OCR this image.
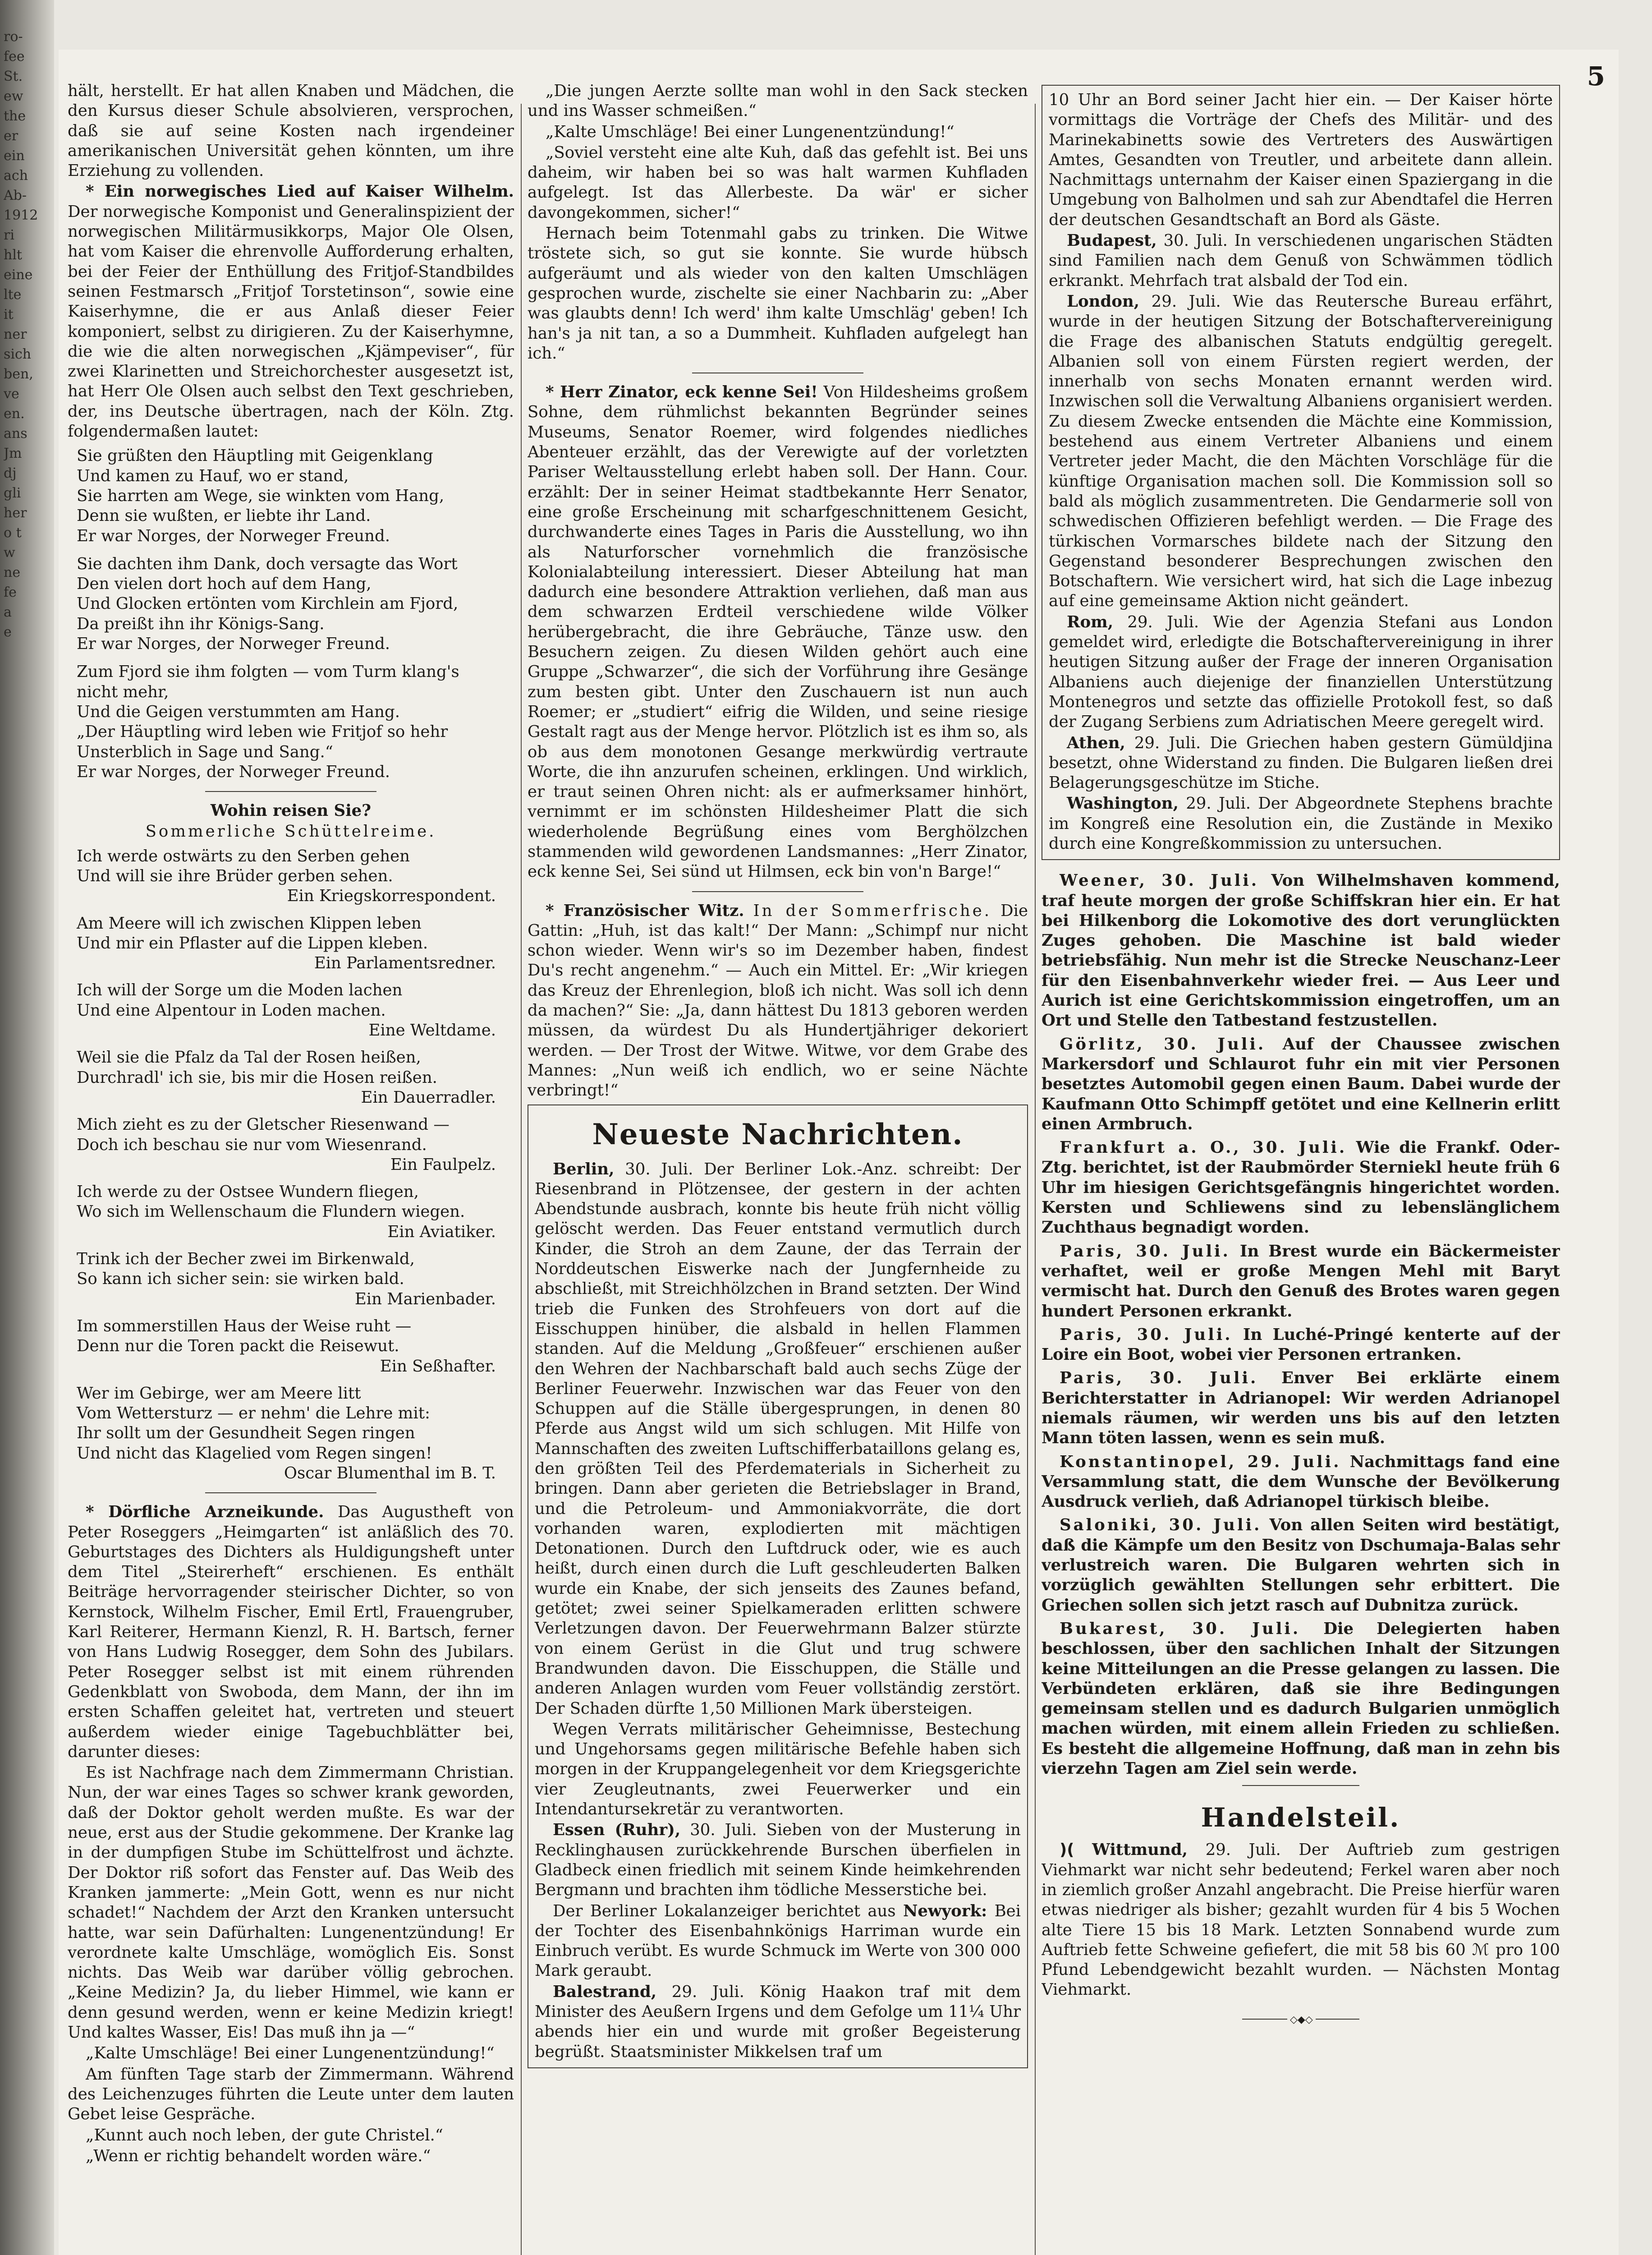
ro-
fee
St.
ew
the
er
ein
ach
Ab-
1912
ri
hlt
eine
lte
it
ner
sich
ben,
ve
en.
ans
Jm
dj
gli
her
o t
w
ne
fe
a
e
5

hält, herstellt. Er hat allen Knaben und Mädchen, die den Kursus dieser Schule absolvieren, versprochen, daß sie auf seine Kosten nach irgendeiner amerikanischen Universität gehen könnten, um ihre Erziehung zu vollenden.

* Ein norwegisches Lied auf Kaiser Wilhelm. Der norwegische Komponist und Generalinspizient der norwegischen Militärmusikkorps, Major Ole Olsen, hat vom Kaiser die ehrenvolle Aufforderung erhalten, bei der Feier der Enthüllung des Fritjof-Standbildes seinen Festmarsch „Fritjof Torstetinson“, sowie eine Kaiserhymne, die er aus Anlaß dieser Feier komponiert, selbst zu dirigieren. Zu der Kaiserhymne, die wie die alten norwegischen „Kjämpeviser“, für zwei Klarinetten und Streichorchester ausgesetzt ist, hat Herr Ole Olsen auch selbst den Text geschrieben, der, ins Deutsche übertragen, nach der Köln. Ztg. folgendermaßen lautet:

Sie grüßten den Häuptling mit Geigenklang
Und kamen zu Hauf, wo er stand,
Sie harrten am Wege, sie winkten vom Hang,
Denn sie wußten, er liebte ihr Land.
Er war Norges, der Norweger Freund.
Sie dachten ihm Dank, doch versagte das Wort
Den vielen dort hoch auf dem Hang,
Und Glocken ertönten vom Kirchlein am Fjord,
Da preißt ihn ihr Königs-Sang.
Er war Norges, der Norweger Freund.
Zum Fjord sie ihm folgten — vom Turm klang's
nicht mehr,
Und die Geigen verstummten am Hang.
„Der Häuptling wird leben wie Fritjof so hehr
Unsterblich in Sage und Sang.“
Er war Norges, der Norweger Freund.

Wohin reisen Sie?

Sommerliche Schüttelreime.

Ich werde ostwärts zu den Serben gehen
Und will sie ihre Brüder gerben sehen.
Ein Kriegskorrespondent.
Am Meere will ich zwischen Klippen leben
Und mir ein Pflaster auf die Lippen kleben.
Ein Parlamentsredner.
Ich will der Sorge um die Moden lachen
Und eine Alpentour in Loden machen.
Eine Weltdame.
Weil sie die Pfalz da Tal der Rosen heißen,
Durchradl' ich sie, bis mir die Hosen reißen.
Ein Dauerradler.
Mich zieht es zu der Gletscher Riesenwand —
Doch ich beschau sie nur vom Wiesenrand.
Ein Faulpelz.
Ich werde zu der Ostsee Wundern fliegen,
Wo sich im Wellenschaum die Flundern wiegen.
Ein Aviatiker.
Trink ich der Becher zwei im Birkenwald,
So kann ich sicher sein: sie wirken bald.
Ein Marienbader.
Im sommerstillen Haus der Weise ruht —
Denn nur die Toren packt die Reisewut.
Ein Seßhafter.
Wer im Gebirge, wer am Meere litt
Vom Wettersturz — er nehm' die Lehre mit:
Ihr sollt um der Gesundheit Segen ringen
Und nicht das Klagelied vom Regen singen!
Oscar Blumenthal im B. T.

* Dörfliche Arzneikunde. Das Augustheft von Peter Roseggers „Heimgarten“ ist anläßlich des 70. Geburtstages des Dichters als Huldigungsheft unter dem Titel „Steirerheft“ erschienen. Es enthält Beiträge hervorragender steirischer Dichter, so von Kernstock, Wilhelm Fischer, Emil Ertl, Frauengruber, Karl Reiterer, Hermann Kienzl, R. H. Bartsch, ferner von Hans Ludwig Rosegger, dem Sohn des Jubilars. Peter Rosegger selbst ist mit einem rührenden Gedenkblatt von Swoboda, dem Mann, der ihn im ersten Schaffen geleitet hat, vertreten und steuert außerdem wieder einige Tagebuchblätter bei, darunter dieses:

Es ist Nachfrage nach dem Zimmermann Christian. Nun, der war eines Tages so schwer krank geworden, daß der Doktor geholt werden mußte. Es war der neue, erst aus der Studie gekommene. Der Kranke lag in der dumpfigen Stube im Schüttelfrost und ächzte. Der Doktor riß sofort das Fenster auf. Das Weib des Kranken jammerte: „Mein Gott, wenn es nur nicht schadet!“ Nachdem der Arzt den Kranken untersucht hatte, war sein Dafürhalten: Lungenentzündung! Er verordnete kalte Umschläge, womöglich Eis. Sonst nichts. Das Weib war darüber völlig gebrochen. „Keine Medizin? Ja, du lieber Himmel, wie kann er denn gesund werden, wenn er keine Medizin kriegt! Und kaltes Wasser, Eis! Das muß ihn ja —“

„Kalte Umschläge! Bei einer Lungenentzündung!“

Am fünften Tage starb der Zimmermann. Während des Leichenzuges führten die Leute unter dem lauten Gebet leise Gespräche.

„Kunnt auch noch leben, der gute Christel.“

„Wenn er richtig behandelt worden wäre.“

„Die jungen Aerzte sollte man wohl in den Sack stecken und ins Wasser schmeißen.“

„Kalte Umschläge! Bei einer Lungenentzündung!“

„Soviel versteht eine alte Kuh, daß das gefehlt ist. Bei uns daheim, wir haben bei so was halt warmen Kuhfladen aufgelegt. Ist das Allerbeste. Da wär' er sicher davongekommen, sicher!“

Hernach beim Totenmahl gabs zu trinken. Die Witwe tröstete sich, so gut sie konnte. Sie wurde hübsch aufgeräumt und als wieder von den kalten Umschlägen gesprochen wurde, zischelte sie einer Nachbarin zu: „Aber was glaubts denn! Ich werd' ihm kalte Umschläg' geben! Ich han's ja nit tan, a so a Dummheit. Kuhfladen aufgelegt han ich.“

* Herr Zinator, eck kenne Sei! Von Hildesheims großem Sohne, dem rühmlichst bekannten Begründer seines Museums, Senator Roemer, wird folgendes niedliches Abenteuer erzählt, das der Verewigte auf der vorletzten Pariser Weltausstellung erlebt haben soll. Der Hann. Cour. erzählt: Der in seiner Heimat stadtbekannte Herr Senator, eine große Erscheinung mit scharfgeschnittenem Gesicht, durchwanderte eines Tages in Paris die Ausstellung, wo ihn als Naturforscher vornehmlich die französische Kolonialabteilung interessiert. Dieser Abteilung hat man dadurch eine besondere Attraktion verliehen, daß man aus dem schwarzen Erdteil verschiedene wilde Völker herübergebracht, die ihre Gebräuche, Tänze usw. den Besuchern zeigen. Zu diesen Wilden gehört auch eine Gruppe „Schwarzer“, die sich der Vorführung ihre Gesänge zum besten gibt. Unter den Zuschauern ist nun auch Roemer; er „studiert“ eifrig die Wilden, und seine riesige Gestalt ragt aus der Menge hervor. Plötzlich ist es ihm so, als ob aus dem monotonen Gesange merkwürdig vertraute Worte, die ihn anzurufen scheinen, erklingen. Und wirklich, er traut seinen Ohren nicht: als er aufmerksamer hinhört, vernimmt er im schönsten Hildesheimer Platt die sich wiederholende Begrüßung eines vom Berghölzchen stammenden wild gewordenen Landsmannes: „Herr Zinator, eck kenne Sei, Sei sünd ut Hilmsen, eck bin von'n Barge!“

* Französischer Witz. In der Sommerfrische. Die Gattin: „Huh, ist das kalt!“ Der Mann: „Schimpf nur nicht schon wieder. Wenn wir's so im Dezember haben, findest Du's recht angenehm.“ — Auch ein Mittel. Er: „Wir kriegen das Kreuz der Ehrenlegion, bloß ich nicht. Was soll ich denn da machen?“ Sie: „Ja, dann hättest Du 1813 geboren werden müssen, da würdest Du als Hundertjähriger dekoriert werden. — Der Trost der Witwe. Witwe, vor dem Grabe des Mannes: „Nun weiß ich endlich, wo er seine Nächte verbringt!“

Neueste Nachrichten.

Berlin, 30. Juli. Der Berliner Lok.-Anz. schreibt: Der Riesenbrand in Plötzensee, der gestern in der achten Abendstunde ausbrach, konnte bis heute früh nicht völlig gelöscht werden. Das Feuer entstand vermutlich durch Kinder, die Stroh an dem Zaune, der das Terrain der Norddeutschen Eiswerke nach der Jungfernheide zu abschließt, mit Streichhölzchen in Brand setzten. Der Wind trieb die Funken des Strohfeuers von dort auf die Eisschuppen hinüber, die alsbald in hellen Flammen standen. Auf die Meldung „Großfeuer“ erschienen außer den Wehren der Nachbarschaft bald auch sechs Züge der Berliner Feuerwehr. Inzwischen war das Feuer von den Schuppen auf die Ställe übergesprungen, in denen 80 Pferde aus Angst wild um sich schlugen. Mit Hilfe von Mannschaften des zweiten Luftschifferbataillons gelang es, den größten Teil des Pferdematerials in Sicherheit zu bringen. Dann aber gerieten die Betriebslager in Brand, und die Petroleum- und Ammoniakvorräte, die dort vorhanden waren, explodierten mit mächtigen Detonationen. Durch den Luftdruck oder, wie es auch heißt, durch einen durch die Luft geschleuderten Balken wurde ein Knabe, der sich jenseits des Zaunes befand, getötet; zwei seiner Spielkameraden erlitten schwere Verletzungen davon. Der Feuerwehrmann Balzer stürzte von einem Gerüst in die Glut und trug schwere Brandwunden davon. Die Eisschuppen, die Ställe und anderen Anlagen wurden vom Feuer vollständig zerstört. Der Schaden dürfte 1,50 Millionen Mark übersteigen.

Wegen Verrats militärischer Geheimnisse, Bestechung und Ungehorsams gegen militärische Befehle haben sich morgen in der Kruppangelegenheit vor dem Kriegsgerichte vier Zeugleutnants, zwei Feuerwerker und ein Intendantursekretär zu verantworten.

Essen (Ruhr), 30. Juli. Sieben von der Musterung in Recklinghausen zurückkehrende Burschen überfielen in Gladbeck einen friedlich mit seinem Kinde heimkehrenden Bergmann und brachten ihm tödliche Messerstiche bei.

Der Berliner Lokalanzeiger berichtet aus Newyork: Bei der Tochter des Eisenbahnkönigs Harriman wurde ein Einbruch verübt. Es wurde Schmuck im Werte von 300 000 Mark geraubt.

Balestrand, 29. Juli. König Haakon traf mit dem Minister des Aeußern Irgens und dem Gefolge um 11¼ Uhr abends hier ein und wurde mit großer Begeisterung begrüßt. Staatsminister Mikkelsen traf um

10 Uhr an Bord seiner Jacht hier ein. — Der Kaiser hörte vormittags die Vorträge der Chefs des Militär- und des Marinekabinetts sowie des Vertreters des Auswärtigen Amtes, Gesandten von Treutler, und arbeitete dann allein. Nachmittags unternahm der Kaiser einen Spaziergang in die Umgebung von Balholmen und sah zur Abendtafel die Herren der deutschen Gesandtschaft an Bord als Gäste.

Budapest, 30. Juli. In verschiedenen ungarischen Städten sind Familien nach dem Genuß von Schwämmen tödlich erkrankt. Mehrfach trat alsbald der Tod ein.

London, 29. Juli. Wie das Reutersche Bureau erfährt, wurde in der heutigen Sitzung der Botschaftervereinigung die Frage des albanischen Statuts endgültig geregelt. Albanien soll von einem Fürsten regiert werden, der innerhalb von sechs Monaten ernannt werden wird. Inzwischen soll die Verwaltung Albaniens organisiert werden. Zu diesem Zwecke entsenden die Mächte eine Kommission, bestehend aus einem Vertreter Albaniens und einem Vertreter jeder Macht, die den Mächten Vorschläge für die künftige Organisation machen soll. Die Kommission soll so bald als möglich zusammentreten. Die Gendarmerie soll von schwedischen Offizieren befehligt werden. — Die Frage des türkischen Vormarsches bildete nach der Sitzung den Gegenstand besonderer Besprechungen zwischen den Botschaftern. Wie versichert wird, hat sich die Lage inbezug auf eine gemeinsame Aktion nicht geändert.

Rom, 29. Juli. Wie der Agenzia Stefani aus London gemeldet wird, erledigte die Botschaftervereinigung in ihrer heutigen Sitzung außer der Frage der inneren Organisation Albaniens auch diejenige der finanziellen Unterstützung Montenegros und setzte das offizielle Protokoll fest, so daß der Zugang Serbiens zum Adriatischen Meere geregelt wird.

Athen, 29. Juli. Die Griechen haben gestern Gümüldjina besetzt, ohne Widerstand zu finden. Die Bulgaren ließen drei Belagerungsgeschütze im Stiche.

Washington, 29. Juli. Der Abgeordnete Stephens brachte im Kongreß eine Resolution ein, die Zustände in Mexiko durch eine Kongreßkommission zu untersuchen.

Weener, 30. Juli. Von Wilhelmshaven kommend, traf heute morgen der große Schiffskran hier ein. Er hat bei Hilkenborg die Lokomotive des dort verunglückten Zuges gehoben. Die Maschine ist bald wieder betriebsfähig. Nun mehr ist die Strecke Neuschanz-Leer für den Eisenbahnverkehr wieder frei. — Aus Leer und Aurich ist eine Gerichtskommission eingetroffen, um an Ort und Stelle den Tatbestand festzustellen.

Görlitz, 30. Juli. Auf der Chaussee zwischen Markersdorf und Schlaurot fuhr ein mit vier Personen besetztes Automobil gegen einen Baum. Dabei wurde der Kaufmann Otto Schimpff getötet und eine Kellnerin erlitt einen Armbruch.

Frankfurt a. O., 30. Juli. Wie die Frankf. Oder-Ztg. berichtet, ist der Raubmörder Sterniekl heute früh 6 Uhr im hiesigen Gerichtsgefängnis hingerichtet worden. Kersten und Schliewens sind zu lebenslänglichem Zuchthaus begnadigt worden.

Paris, 30. Juli. In Brest wurde ein Bäckermeister verhaftet, weil er große Mengen Mehl mit Baryt vermischt hat. Durch den Genuß des Brotes waren gegen hundert Personen erkrankt.

Paris, 30. Juli. In Luché-Pringé kenterte auf der Loire ein Boot, wobei vier Personen ertranken.

Paris, 30. Juli. Enver Bei erklärte einem Berichterstatter in Adrianopel: Wir werden Adrianopel niemals räumen, wir werden uns bis auf den letzten Mann töten lassen, wenn es sein muß.

Konstantinopel, 29. Juli. Nachmittags fand eine Versammlung statt, die dem Wunsche der Bevölkerung Ausdruck verlieh, daß Adrianopel türkisch bleibe.

Saloniki, 30. Juli. Von allen Seiten wird bestätigt, daß die Kämpfe um den Besitz von Dschumaja-Balas sehr verlustreich waren. Die Bulgaren wehrten sich in vorzüglich gewählten Stellungen sehr erbittert. Die Griechen sollen sich jetzt rasch auf Dubnitza zurück.

Bukarest, 30. Juli. Die Delegierten haben beschlossen, über den sachlichen Inhalt der Sitzungen keine Mitteilungen an die Presse gelangen zu lassen. Die Verbündeten erklären, daß sie ihre Bedingungen gemeinsam stellen und es dadurch Bulgarien unmöglich machen würden, mit einem allein Frieden zu schließen. Es besteht die allgemeine Hoffnung, daß man in zehn bis vierzehn Tagen am Ziel sein werde.

Handelsteil.

)( Wittmund, 29. Juli. Der Auftrieb zum gestrigen Viehmarkt war nicht sehr bedeutend; Ferkel waren aber noch in ziemlich großer Anzahl angebracht. Die Preise hierfür waren etwas niedriger als bisher; gezahlt wurden für 4 bis 5 Wochen alte Tiere 15 bis 18 Mark. Letzten Sonnabend wurde zum Auftrieb fette Schweine gefiefert, die mit 58 bis 60 ℳ pro 100 Pfund Lebendgewicht bezahlt wurden. — Nächsten Montag Viehmarkt.

◇◆◇
